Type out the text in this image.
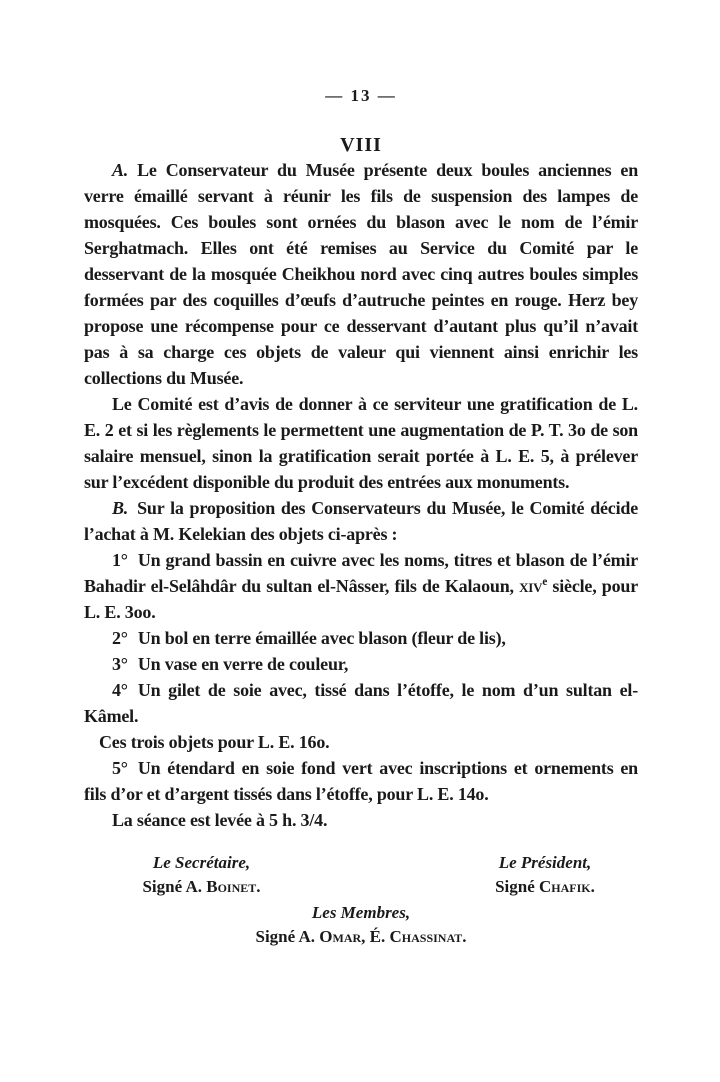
— 13 —

VIII

A. Le Conservateur du Musée présente deux boules anciennes en verre émaillé servant à réunir les fils de suspension des lampes de mosquées. Ces boules sont ornées du blason avec le nom de l’émir Serghatmach. Elles ont été remises au Service du Comité par le desservant de la mosquée Cheikhou nord avec cinq autres boules simples formées par des coquilles d’œufs d’autruche peintes en rouge. Herz bey propose une récompense pour ce desservant d’autant plus qu’il n’avait pas à sa charge ces objets de valeur qui viennent ainsi enrichir les collections du Musée.

Le Comité est d’avis de donner à ce serviteur une gratification de L. E. 2 et si les règlements le permettent une augmentation de P. T. 3o de son salaire mensuel, sinon la gratification serait portée à L. E. 5, à prélever sur l’excédent disponible du produit des entrées aux monuments.

B. Sur la proposition des Conservateurs du Musée, le Comité décide l’achat à M. Kelekian des objets ci-après :

1° Un grand bassin en cuivre avec les noms, titres et blason de l’émir Bahadir el-Selâhdâr du sultan el-Nâsser, fils de Kalaoun, xiv$^e$ siècle, pour L. E. 3oo.

2° Un bol en terre émaillée avec blason (fleur de lis),

3° Un vase en verre de couleur,

4° Un gilet de soie avec, tissé dans l’étoffe, le nom d’un sultan el-Kâmel.

Ces trois objets pour L. E. 16o.

5° Un étendard en soie fond vert avec inscriptions et ornements en fils d’or et d’argent tissés dans l’étoffe, pour L. E. 14o.

La séance est levée à 5 h. 3/4.

Le Secrétaire,
Signé A. Boinet.
Le Président,
Signé Chafik.
Les Membres,
Signé A. Omar, É. Chassinat.
